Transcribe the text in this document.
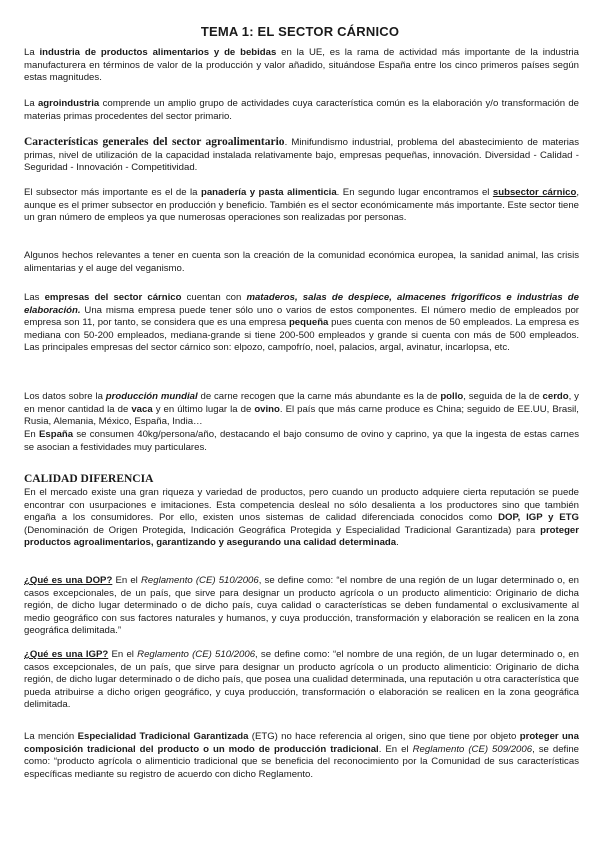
TEMA 1: EL SECTOR CÁRNICO

La industria de productos alimentarios y de bebidas en la UE, es la rama de actividad más importante de la industria manufacturera en términos de valor de la producción y valor añadido, situándose España entre los cinco primeros países según estas magnitudes.

La agroindustria comprende un amplio grupo de actividades cuya característica común es la elaboración y/o transformación de materias primas procedentes del sector primario.

Características generales del sector agroalimentario. Minifundismo industrial, problema del abastecimiento de materias primas, nivel de utilización de la capacidad instalada relativamente bajo, empresas pequeñas, innovación. Diversidad - Calidad - Seguridad - Innovación - Competitividad.

El subsector más importante es el de la panadería y pasta alimenticia. En segundo lugar encontramos el subsector cárnico, aunque es el primer subsector en producción y beneficio. También es el sector económicamente más importante. Este sector tiene un gran número de empleos ya que numerosas operaciones son realizadas por personas.

Algunos hechos relevantes a tener en cuenta son la creación de la comunidad económica europea, la sanidad animal, las crisis alimentarias y el auge del veganismo.

Las empresas del sector cárnico cuentan con mataderos, salas de despiece, almacenes frigoríficos e industrias de elaboración. Una misma empresa puede tener sólo uno o varios de estos componentes. El número medio de empleados por empresa son 11, por tanto, se considera que es una empresa pequeña pues cuenta con menos de 50 empleados. La empresa es mediana con 50-200 empleados, mediana-grande si tiene 200-500 empleados y grande si cuenta con más de 500 empleados. Las principales empresas del sector cárnico son: elpozo, campofrío, noel, palacios, argal, avinatur, incarlopsa, etc.

Los datos sobre la producción mundial de carne recogen que la carne más abundante es la de pollo, seguida de la de cerdo, y en menor cantidad la de vaca y en último lugar la de ovino. El país que más carne produce es China; seguido de EE.UU, Brasil, Rusia, Alemania, México, España, India…

En España se consumen 40kg/persona/año, destacando el bajo consumo de ovino y caprino, ya que la ingesta de estas carnes se asocian a festividades muy particulares.

CALIDAD DIFERENCIA

En el mercado existe una gran riqueza y variedad de productos, pero cuando un producto adquiere cierta reputación se puede encontrar con usurpaciones e imitaciones. Esta competencia desleal no sólo desalienta a los productores sino que también engaña a los consumidores. Por ello, existen unos sistemas de calidad diferenciada conocidos como DOP, IGP y ETG (Denominación de Origen Protegida, Indicación Geográfica Protegida y Especialidad Tradicional Garantizada) para proteger productos agroalimentarios, garantizando y asegurando una calidad determinada.

¿Qué es una DOP? En el Reglamento (CE) 510/2006, se define como: “el nombre de una región de un lugar determinado o, en casos excepcionales, de un país, que sirve para designar un producto agrícola o un producto alimenticio: Originario de dicha región, de dicho lugar determinado o de dicho país, cuya calidad o características se deben fundamental o exclusivamente al medio geográfico con sus factores naturales y humanos, y cuya producción, transformación y elaboración se realicen en la zona geográfica delimitada.”

¿Qué es una IGP? En el Reglamento (CE) 510/2006, se define como: “el nombre de una región, de un lugar determinado o, en casos excepcionales, de un país, que sirve para designar un producto agrícola o un producto alimenticio: Originario de dicha región, de dicho lugar determinado o de dicho país, que posea una cualidad determinada, una reputación u otra característica que pueda atribuirse a dicho origen geográfico, y cuya producción, transformación o elaboración se realicen en la zona geográfica delimitada.

La mención Especialidad Tradicional Garantizada (ETG) no hace referencia al origen, sino que tiene por objeto proteger una composición tradicional del producto o un modo de producción tradicional. En el Reglamento (CE) 509/2006, se define como: “producto agrícola o alimenticio tradicional que se beneficia del reconocimiento por la Comunidad de sus características específicas mediante su registro de acuerdo con dicho Reglamento.
